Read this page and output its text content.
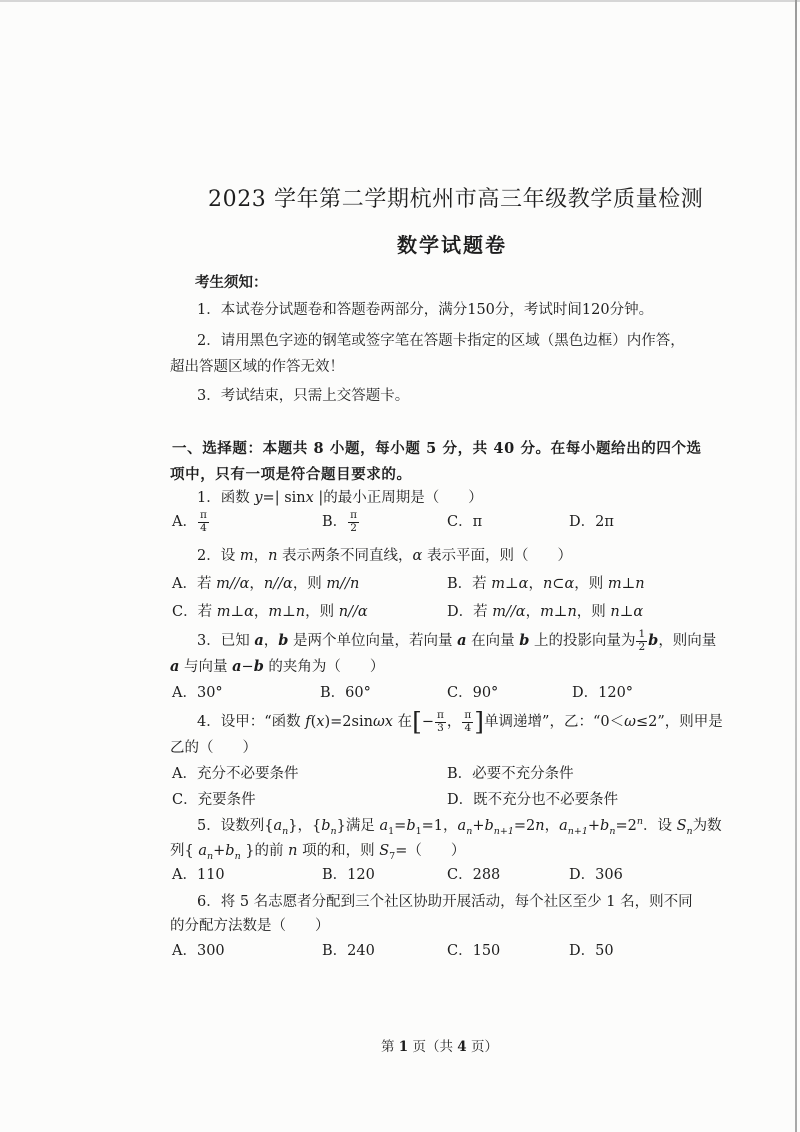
2023 学年第二学期杭州市高三年级教学质量检测
数学试题卷
考生须知：
1．本试卷分试题卷和答题卷两部分，满分150分，考试时间120分钟。
2．请用黑色字迹的钢笔或签字笔在答题卡指定的区域（黑色边框）内作答，
超出答题区域的作答无效！
3．考试结束，只需上交答题卡。
一、选择题：本题共 8 小题，每小题 5 分，共 40 分。在每小题给出的四个选
项中，只有一项是符合题目要求的。
1．函数 y=| sinx |的最小正周期是（　　）
A． $\frac{\pi}{4}$	B． $\frac{\pi}{2}$	C．π	D．2π
2．设 m，n 表示两条不同直线，α 表示平面，则（　　）
A．若 m//α，n//α，则 m//n	B．若 m⊥α，n⊂α，则 m⊥n
C．若 m⊥α，m⊥n，则 n//α	D．若 m//α，m⊥n，则 n⊥α
3．已知 a，b 是两个单位向量，若向量 a 在向量 b 上的投影向量为 $\frac{1}{2}$ b，则向量
a 与向量 a−b 的夹角为（　　）
A．30°	B．60°	C．90°	D．120°
4．设甲：“函数 f(x)=2sinωx 在[− $\frac{\pi}{3}$ ， $\frac{\pi}{4}$ ]单调递增”，乙：“0＜ω≤2”，则甲是
乙的（　　）
A．充分不必要条件	B．必要不充分条件
C．充要条件	D．既不充分也不必要条件
5．设数列$\{a_n\}$，$\{b_n\}$满足 $a_1=b_1=1$，$a_n+b_{n+1}=2n$，$a_{n+1}+b_n=2^n$．设 $S_n$为数
列{ $a_n+b_n$ }的前 n 项的和，则 $S_7=$（　　）
A．110	B．120	C．288	D．306
6．将 5 名志愿者分配到三个社区协助开展活动，每个社区至少 1 名，则不同
的分配方法数是（　　）
A．300	B．240	C．150	D．50
第 1 页（共 4 页）
